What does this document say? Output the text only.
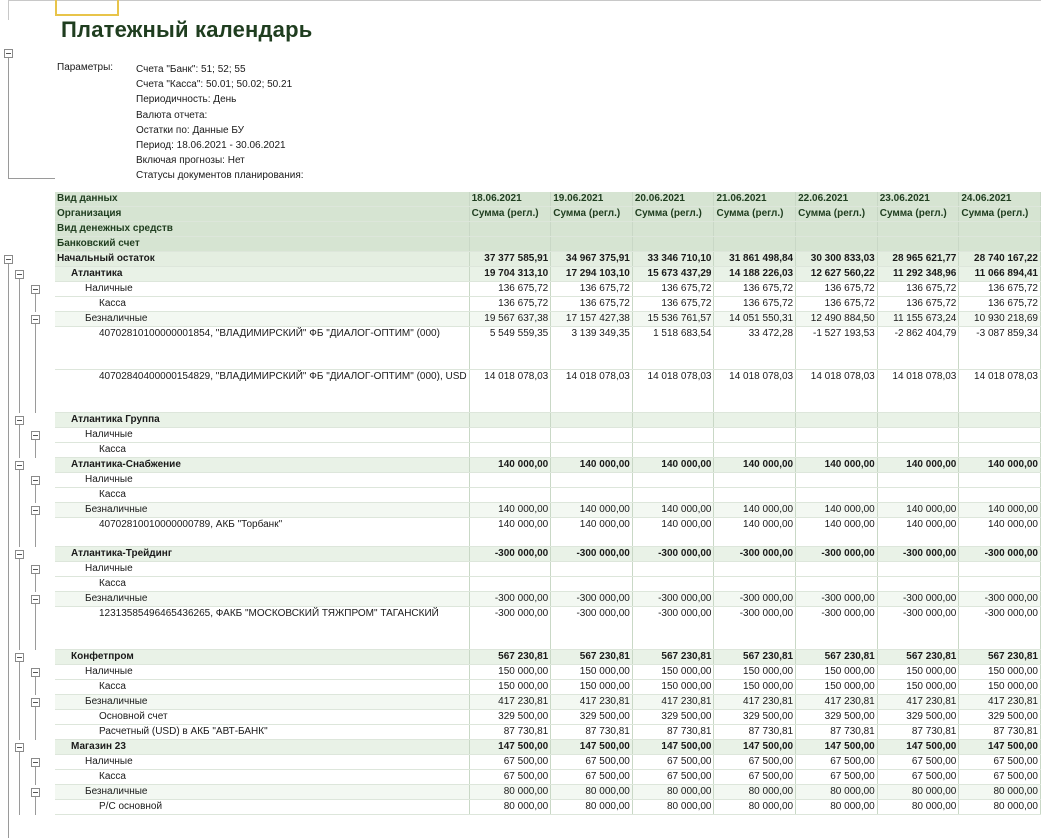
Платежный календарь
Параметры: Счета "Банк": 51; 52; 55
Счета "Касса": 50.01; 50.02; 50.21
Периодичность: День
Валюта отчета:
Остатки по: Данные БУ
Период: 18.06.2021 - 30.06.2021
Включая прогнозы: Нет
Статусы документов планирования:
Вид данных	18.06.2021	19.06.2021	20.06.2021	21.06.2021	22.06.2021	23.06.2021	24.06.2021
Организация	Сумма (регл.)	Сумма (регл.)	Сумма (регл.)	Сумма (регл.)	Сумма (регл.)	Сумма (регл.)	Сумма (регл.)
Вид денежных средств							
Банковский счет							
Начальный остаток	37 377 585,91	34 967 375,91	33 346 710,10	31 861 498,84	30 300 833,03	28 965 621,77	28 740 167,22
Атлантика	19 704 313,10	17 294 103,10	15 673 437,29	14 188 226,03	12 627 560,22	11 292 348,96	11 066 894,41
Наличные	136 675,72	136 675,72	136 675,72	136 675,72	136 675,72	136 675,72	136 675,72
Касса	136 675,72	136 675,72	136 675,72	136 675,72	136 675,72	136 675,72	136 675,72
Безналичные	19 567 637,38	17 157 427,38	15 536 761,57	14 051 550,31	12 490 884,50	11 155 673,24	10 930 218,69
40702810100000001854, "ВЛАДИМИРСКИЙ" ФБ "ДИАЛОГ-ОПТИМ" (000)	5 549 559,35	3 139 349,35	1 518 683,54	33 472,28	-1 527 193,53	-2 862 404,79	-3 087 859,34
40702840400000154829, "ВЛАДИМИРСКИЙ" ФБ "ДИАЛОГ-ОПТИМ" (000), USD	14 018 078,03	14 018 078,03	14 018 078,03	14 018 078,03	14 018 078,03	14 018 078,03	14 018 078,03
Атлантика Группа							
Наличные							
Касса							
Атлантика-Снабжение	140 000,00	140 000,00	140 000,00	140 000,00	140 000,00	140 000,00	140 000,00
Наличные							
Касса							
Безналичные	140 000,00	140 000,00	140 000,00	140 000,00	140 000,00	140 000,00	140 000,00
40702810010000000789, АКБ "Торбанк"	140 000,00	140 000,00	140 000,00	140 000,00	140 000,00	140 000,00	140 000,00
Атлантика-Трейдинг	-300 000,00	-300 000,00	-300 000,00	-300 000,00	-300 000,00	-300 000,00	-300 000,00
Наличные							
Касса							
Безналичные	-300 000,00	-300 000,00	-300 000,00	-300 000,00	-300 000,00	-300 000,00	-300 000,00
12313585496465436265, ФАКБ "МОСКОВСКИЙ ТЯЖПРОМ" ТАГАНСКИЙ	-300 000,00	-300 000,00	-300 000,00	-300 000,00	-300 000,00	-300 000,00	-300 000,00
Конфетпром	567 230,81	567 230,81	567 230,81	567 230,81	567 230,81	567 230,81	567 230,81
Наличные	150 000,00	150 000,00	150 000,00	150 000,00	150 000,00	150 000,00	150 000,00
Касса	150 000,00	150 000,00	150 000,00	150 000,00	150 000,00	150 000,00	150 000,00
Безналичные	417 230,81	417 230,81	417 230,81	417 230,81	417 230,81	417 230,81	417 230,81
Основной счет	329 500,00	329 500,00	329 500,00	329 500,00	329 500,00	329 500,00	329 500,00
Расчетный (USD) в АКБ "АВТ-БАНК"	87 730,81	87 730,81	87 730,81	87 730,81	87 730,81	87 730,81	87 730,81
Магазин 23	147 500,00	147 500,00	147 500,00	147 500,00	147 500,00	147 500,00	147 500,00
Наличные	67 500,00	67 500,00	67 500,00	67 500,00	67 500,00	67 500,00	67 500,00
Касса	67 500,00	67 500,00	67 500,00	67 500,00	67 500,00	67 500,00	67 500,00
Безналичные	80 000,00	80 000,00	80 000,00	80 000,00	80 000,00	80 000,00	80 000,00
Р/С основной	80 000,00	80 000,00	80 000,00	80 000,00	80 000,00	80 000,00	80 000,00
